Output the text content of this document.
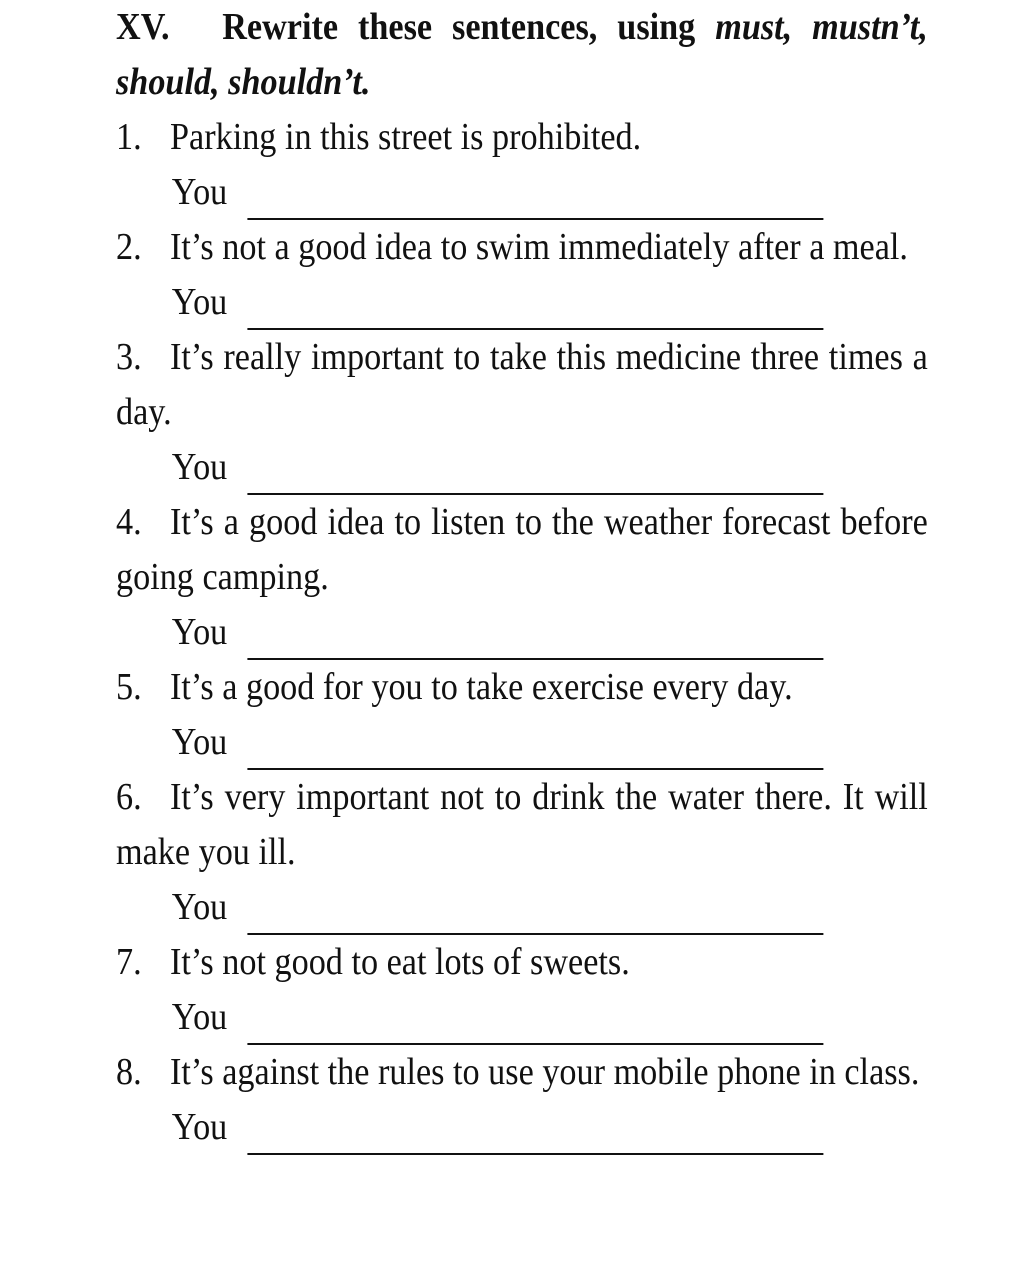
XV. Rewrite these sentences, using must, mustn’t, should, shouldn’t.

1. Parking in this street is prohibited.

You

2. It’s not a good idea to swim immediately after a meal.

You

3. It’s really important to take this medicine three times a day.

You

4. It’s a good idea to listen to the weather forecast before going camping.

You

5. It’s a good for you to take exercise every day.

You

6. It’s very important not to drink the water there. It will make you ill.

You

7. It’s not good to eat lots of sweets.

You

8. It’s against the rules to use your mobile phone in class.

You
